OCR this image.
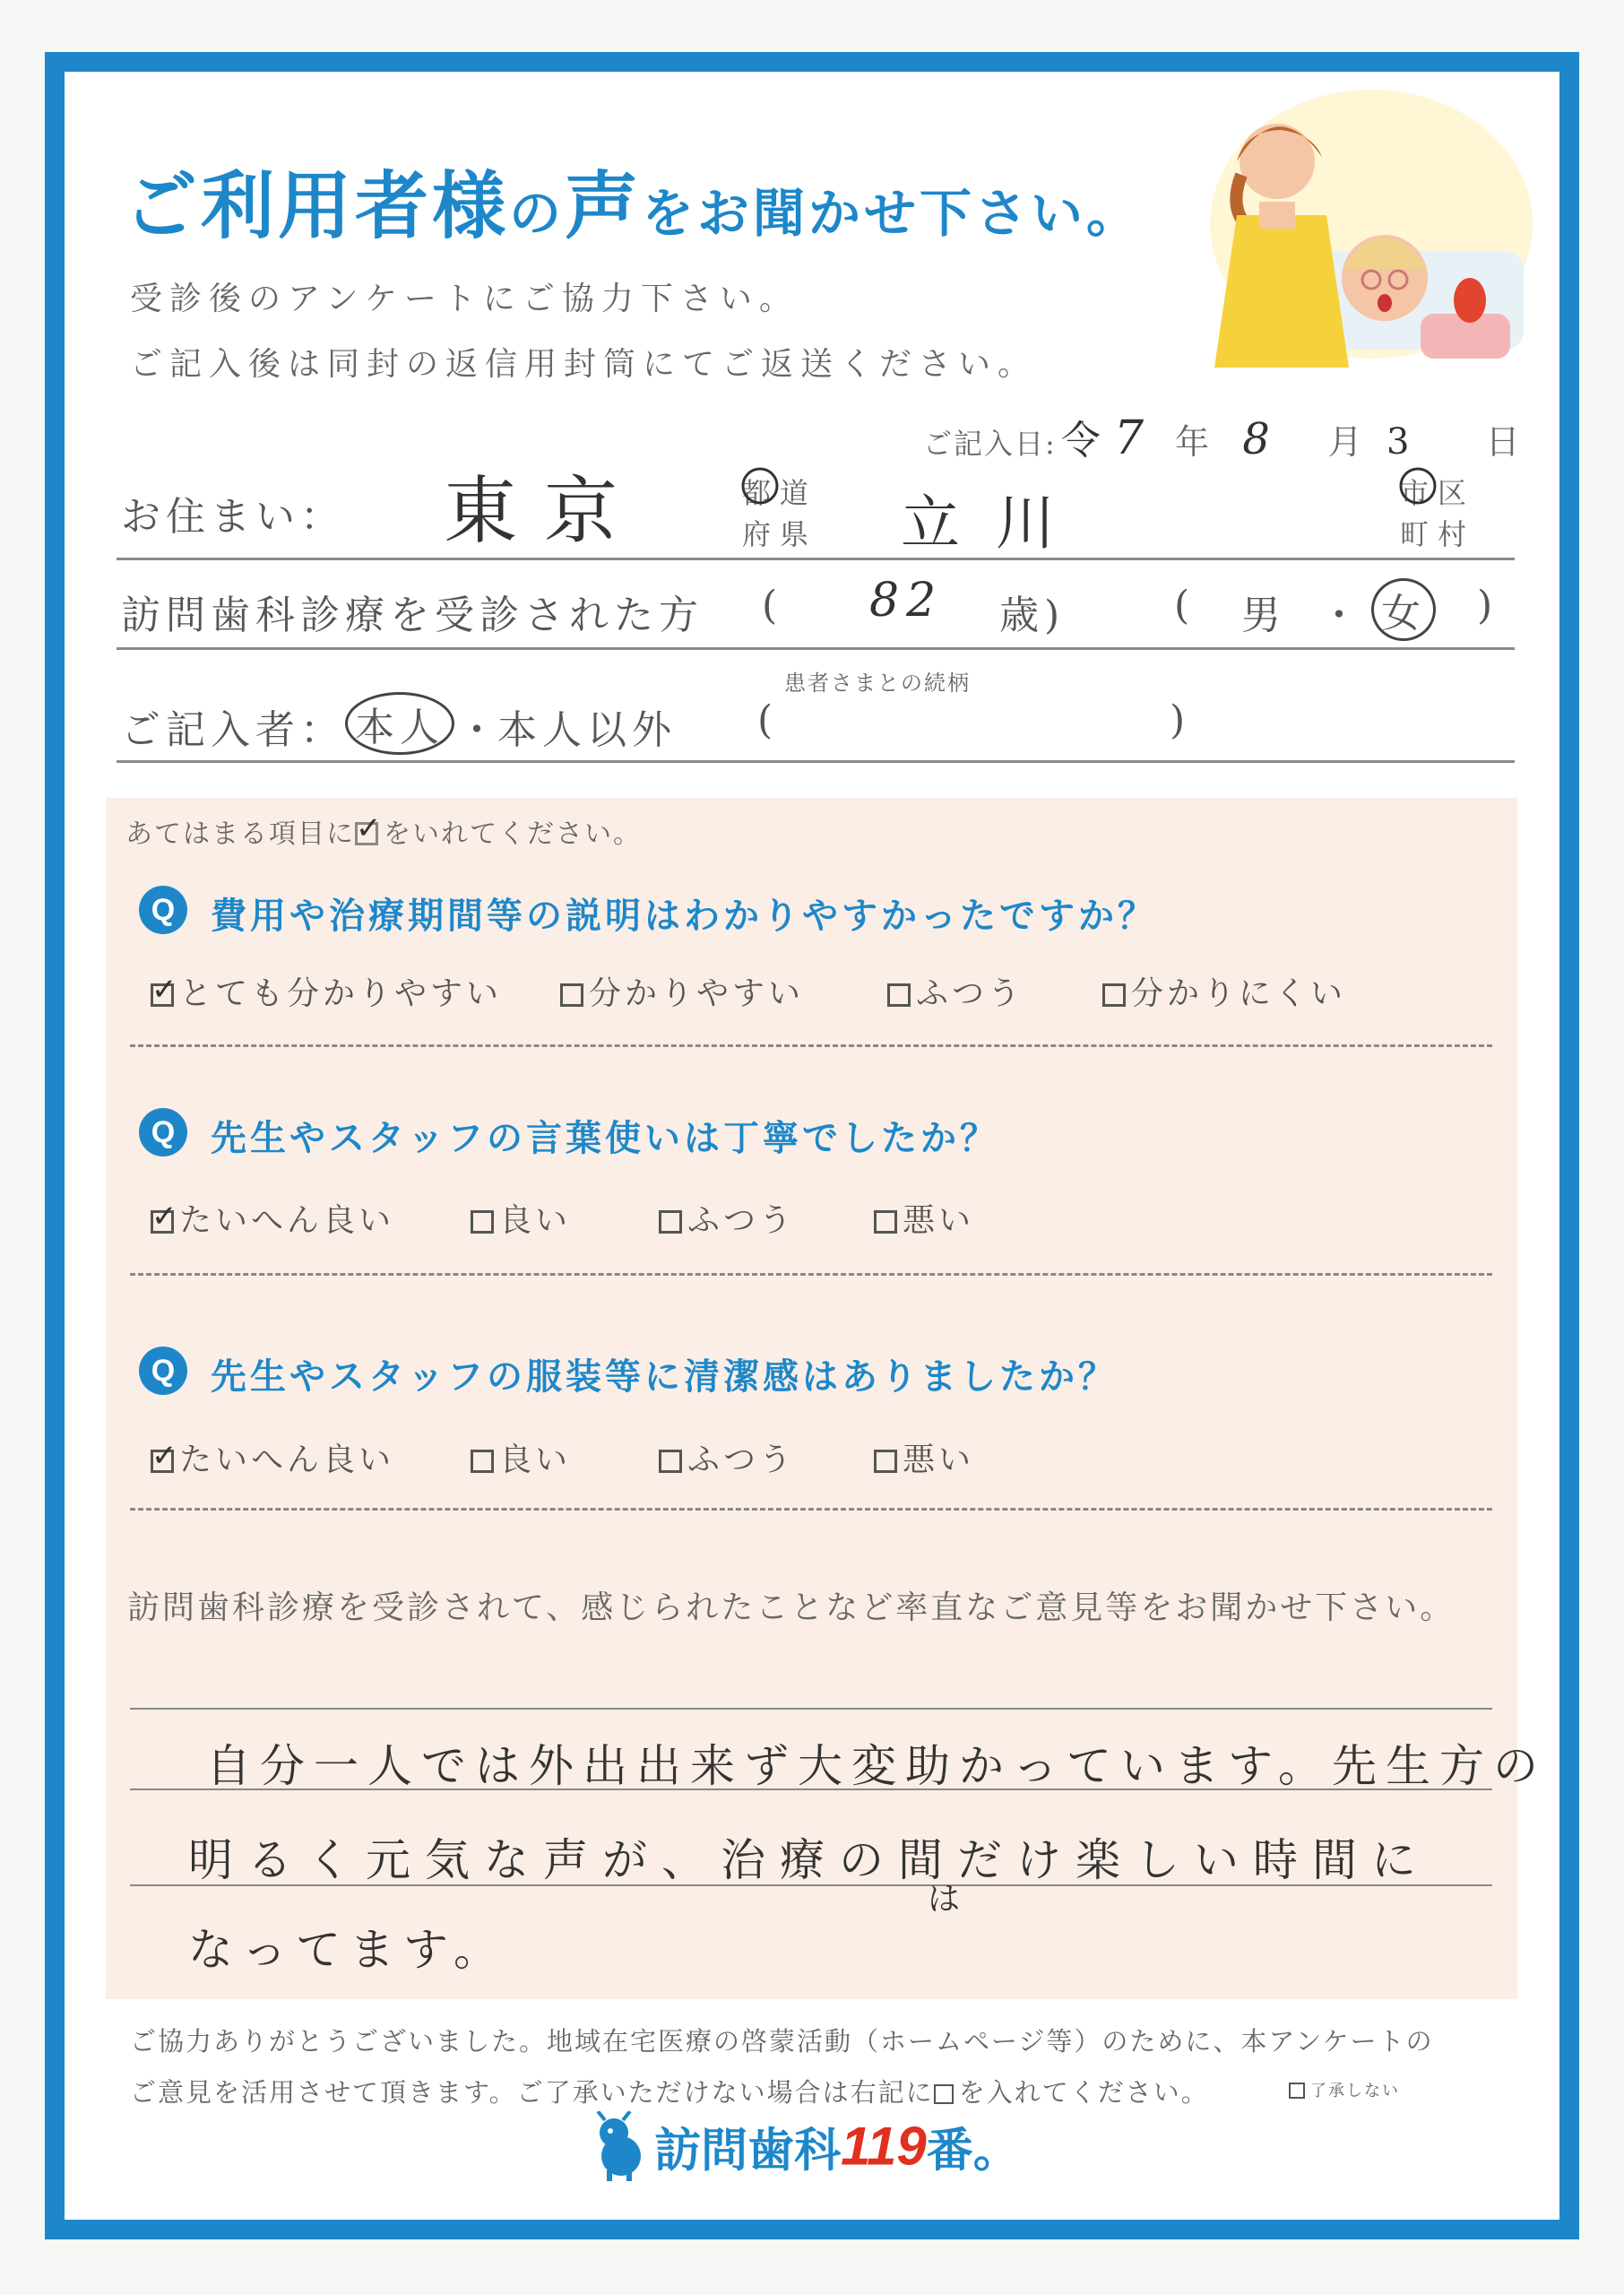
ご利用者様の声をお聞かせ下さい。
受診後のアンケートにご協力下さい。
ご記入後は同封の返信用封筒にてご返送ください。
ご記入日: 令 7 年 8 月 3 日
お住まい： 東京	都道
府県 立川	市区
町村
訪問歯科診療を受診された方 ( 82 歳)	( 男 ・ 女 )
患者さまとの続柄
ご記入者： 本人 ・
本人以外 (	)
あてはまる項目に✓ をいれてください。
Q 費用や治療期間等の説明はわかりやすかったですか？
✓とても分かりやすい	分かりやすい	ふつう	分かりにくい
Q 先生やスタッフの言葉使いは丁寧でしたか？
✓たいへん良い	良い	ふつう	悪い
Q 先生やスタッフの服装等に清潔感はありましたか？
✓たいへん良い	良い	ふつう	悪い
訪問歯科診療を受診されて、感じられたことなど率直なご意見等をお聞かせ下さい。
自分一人では外出出来ず大変助かっています。先生方の
明るく元気な声が、治療の間だけ楽しい時間に
は
なってます。
ご協力ありがとうございました。地域在宅医療の啓蒙活動（ホームページ等）のために、本アンケートの
ご意見を活用させて頂きます。ご了承いただけない場合は右記に を入れてください。	了承しない
訪問歯科119番。
